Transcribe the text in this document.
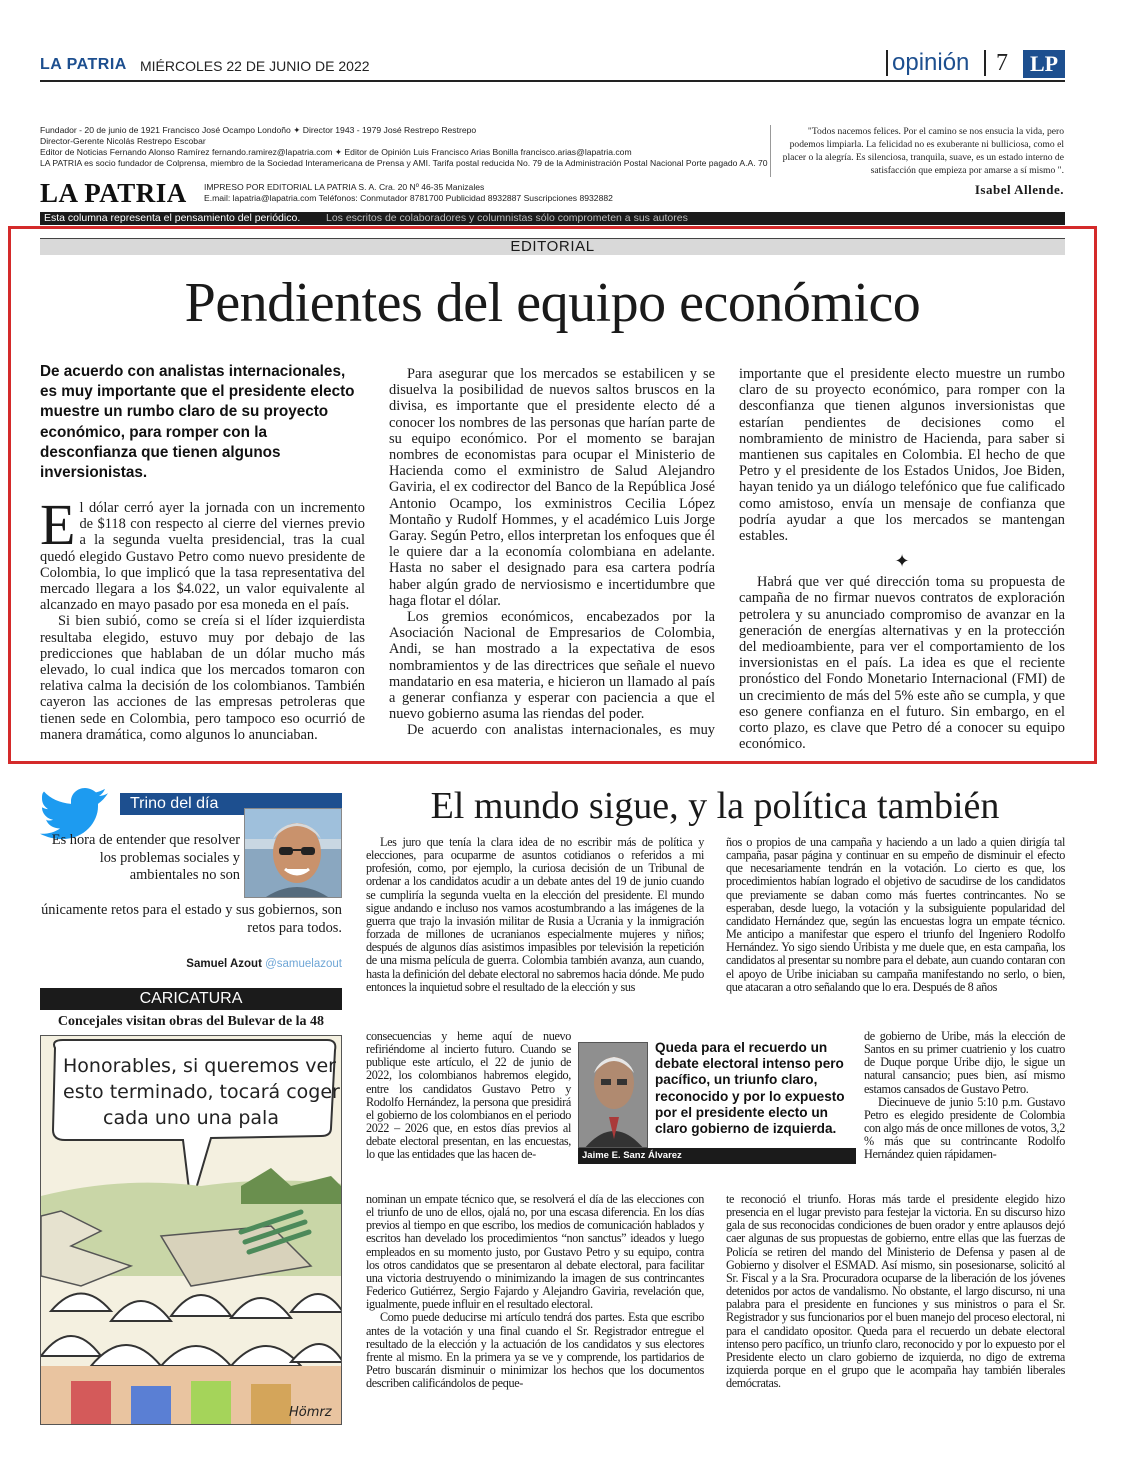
LA PATRIA MIÉRCOLES 22 DE JUNIO DE 2022	opinión	7 LP
Fundador - 20 de junio de 1921 Francisco José Ocampo Londoño ✦ Director 1943 - 1979 José Restrepo Restrepo
Director-Gerente Nicolás Restrepo Escobar
Editor de Noticias Fernando Alonso Ramírez fernando.ramirez@lapatria.com ✦ Editor de Opinión Luis Francisco Arias Bonilla francisco.arias@lapatria.com
LA PATRIA es socio fundador de Colprensa, miembro de la Sociedad Interamericana de Prensa y AMI. Tarifa postal reducida No. 79 de la Administración Postal Nacional Porte pagado A.A. 70
LA PATRIA IMPRESO POR EDITORIAL LA PATRIA S. A. Cra. 20 Nº 46-35 Manizales
E.mail: lapatria@lapatria.com Teléfonos: Conmutador 8781700 Publicidad 8932887 Suscripciones 8932882
"Todos nacemos felices. Por el camino se nos ensucia la vida, pero podemos limpiarla. La felicidad no es exuberante ni bulliciosa, como el placer o la alegría. Es silenciosa, tranquila, suave, es un estado interno de satisfacción que empieza por amarse a sí mismo ".
Isabel Allende.
Esta columna representa el pensamiento del periódico. Los escritos de colaboradores y columnistas sólo comprometen a sus autores
EDITORIAL
Pendientes del equipo económico
De acuerdo con analistas internacionales, es muy importante que el presidente electo muestre un rumbo claro de su proyecto económico, para romper con la desconfianza que tienen algunos inversionistas.

El dólar cerró ayer la jornada con un incremento de $118 con respecto al cierre del viernes previo a la segunda vuelta presidencial, tras la cual quedó elegido Gustavo Petro como nuevo presidente de Colombia, lo que implicó que la tasa representativa del mercado llegara a los $4.022, un valor equivalente al alcanzado en mayo pasado por esa moneda en el país.

Si bien subió, como se creía si el líder izquierdista resultaba elegido, estuvo muy por debajo de las predicciones que hablaban de un dólar mucho más elevado, lo cual indica que los mercados tomaron con relativa calma la decisión de los colombianos. También cayeron las acciones de las empresas petroleras que tienen sede en Colombia, pero tampoco eso ocurrió de manera dramática, como algunos lo anunciaban.

Para asegurar que los mercados se estabilicen y se disuelva la posibilidad de nuevos saltos bruscos en la divisa, es importante que el presidente electo dé a conocer los nombres de las personas que harían parte de su equipo económico. Por el momento se barajan nombres de economistas para ocupar el Ministerio de Hacienda como el exministro de Salud Alejandro Gaviria, el ex codirector del Banco de la República José Antonio Ocampo, los exministros Cecilia López Montaño y Rudolf Hommes, y el académico Luis Jorge Garay. Según Petro, ellos interpretan los enfoques que él le quiere dar a la economía colombiana en adelante. Hasta no saber el designado para esa cartera podría haber algún grado de nerviosismo e incertidumbre que haga flotar el dólar.

Los gremios económicos, encabezados por la Asociación Nacional de Empresarios de Colombia, Andi, se han mostrado a la expectativa de esos nombramientos y de las directrices que señale el nuevo mandatario en esa materia, e hicieron un llamado al país a generar confianza y esperar con paciencia a que el nuevo gobierno asuma las riendas del poder.

De acuerdo con analistas internacionales, es muy

importante que el presidente electo muestre un rumbo claro de su proyecto económico, para romper con la desconfianza que tienen algunos inversionistas que estarían pendientes de decisiones como el nombramiento de ministro de Hacienda, para saber si mantienen sus capitales en Colombia. El hecho de que Petro y el presidente de los Estados Unidos, Joe Biden, hayan tenido ya un diálogo telefónico que fue calificado como amistoso, envía un mensaje de confianza que podría ayudar a que los mercados se mantengan estables.

✦

Habrá que ver qué dirección toma su propuesta de campaña de no firmar nuevos contratos de exploración petrolera y su anunciado compromiso de avanzar en la generación de energías alternativas y en la protección del medioambiente, para ver el comportamiento de los inversionistas en el país. La idea es que el reciente pronóstico del Fondo Monetario Internacional (FMI) de un crecimiento de más del 5% este año se cumpla, y que eso genere confianza en el futuro. Sin embargo, en el corto plazo, es clave que Petro dé a conocer su equipo económico.

Trino del día
Es hora de entender que resolver los problemas sociales y ambientales no son
únicamente retos para el estado y sus gobiernos, son retos para todos.
Samuel Azout @samuelazout
CARICATURA
Concejales visitan obras del Bulevar de la 48
Honorables, si queremos ver
esto terminado, tocará coger
cada uno una pala
Hömrz
El mundo sigue, y la política también

Les juro que tenía la clara idea de no escribir más de política y elecciones, para ocuparme de asuntos cotidianos o referidos a mi profesión, como, por ejemplo, la curiosa decisión de un Tribunal de ordenar a los candidatos acudir a un debate antes del 19 de junio cuando se cumpliría la segunda vuelta en la elección del presidente. El mundo sigue andando e incluso nos vamos acostumbrando a las imágenes de la guerra que trajo la invasión militar de Rusia a Ucrania y la inmigración forzada de millones de ucranianos especialmente mujeres y niños; después de algunos días asistimos impasibles por televisión la repetición de una misma película de guerra. Colombia también avanza, aun cuando, hasta la definición del debate electoral no sabremos hacia dónde. Me pudo entonces la inquietud sobre el resultado de la elección y sus

consecuencias y heme aquí de nuevo refiriéndome al incierto futuro. Cuando se publique este artículo, el 22 de junio de 2022, los colombianos habremos elegido, entre los candidatos Gustavo Petro y Rodolfo Hernández, la persona que presidirá el gobierno de los colombianos en el periodo 2022 – 2026 que, en estos días previos al debate electoral presentan, en las encuestas, lo que las entidades que las hacen de-

nominan un empate técnico que, se resolverá el día de las elecciones con el triunfo de uno de ellos, ojalá no, por una escasa diferencia. En los días previos al tiempo en que escribo, los medios de comunicación hablados y escritos han develado los procedimientos “non sanctus” ideados y luego empleados en su momento justo, por Gustavo Petro y su equipo, contra los otros candidatos que se presentaron al debate electoral, para facilitar una victoria destruyendo o minimizando la imagen de sus contrincantes Federico Gutiérrez, Sergio Fajardo y Alejandro Gaviria, revelación que, igualmente, puede influir en el resultado electoral.

Como puede deducirse mi artículo tendrá dos partes. Esta que escribo antes de la votación y una final cuando el Sr. Registrador entregue el resultado de la elección y la actuación de los candidatos y sus electores frente al mismo. En la primera ya se ve y comprende, los partidarios de Petro buscarán disminuir o minimizar los hechos que los documentos describen calificándolos de peque-

Queda para el recuerdo un debate electoral intenso pero pacífico, un triunfo claro, reconocido y por lo expuesto por el presidente electo un claro gobierno de izquierda.
Jaime E. Sanz Álvarez

ños o propios de una campaña y haciendo a un lado a quien dirigía tal campaña, pasar página y continuar en su empeño de disminuir el efecto que necesariamente tendrán en la votación. Lo cierto es que, los procedimientos habían logrado el objetivo de sacudirse de los candidatos que previamente se daban como más fuertes contrincantes. No se esperaban, desde luego, la votación y la subsiguiente popularidad del candidato Hernández que, según las encuestas logra un empate técnico. Me anticipo a manifestar que espero el triunfo del Ingeniero Rodolfo Hernández. Yo sigo siendo Uribista y me duele que, en esta campaña, los candidatos al presentar su nombre para el debate, aun cuando contaran con el apoyo de Uribe iniciaban su campaña manifestando no serlo, o bien, que atacaran a otro señalando que lo era. Después de 8 años

de gobierno de Uribe, más la elección de Santos en su primer cuatrienio y los cuatro de Duque porque Uribe dijo, le sigue un natural cansancio; pues bien, así mismo estamos cansados de Gustavo Petro.

Diecinueve de junio 5:10 p.m. Gustavo Petro es elegido presidente de Colombia con algo más de once millones de votos, 3,2 % más que su contrincante Rodolfo Hernández quien rápidamen-

te reconoció el triunfo. Horas más tarde el presidente elegido hizo presencia en el lugar previsto para festejar la victoria. En su discurso hizo gala de sus reconocidas condiciones de buen orador y entre aplausos dejó caer algunas de sus propuestas de gobierno, entre ellas que las fuerzas de Policía se retiren del mando del Ministerio de Defensa y pasen al de Gobierno y disolver el ESMAD. Así mismo, sin posesionarse, solicitó al Sr. Fiscal y a la Sra. Procuradora ocuparse de la liberación de los jóvenes detenidos por actos de vandalismo. No obstante, el largo discurso, ni una palabra para el presidente en funciones y sus ministros o para el Sr. Registrador y sus funcionarios por el buen manejo del proceso electoral, ni para el candidato opositor. Queda para el recuerdo un debate electoral intenso pero pacífico, un triunfo claro, reconocido y por lo expuesto por el Presidente electo un claro gobierno de izquierda, no digo de extrema izquierda porque en el grupo que le acompaña hay también liberales demócratas.
